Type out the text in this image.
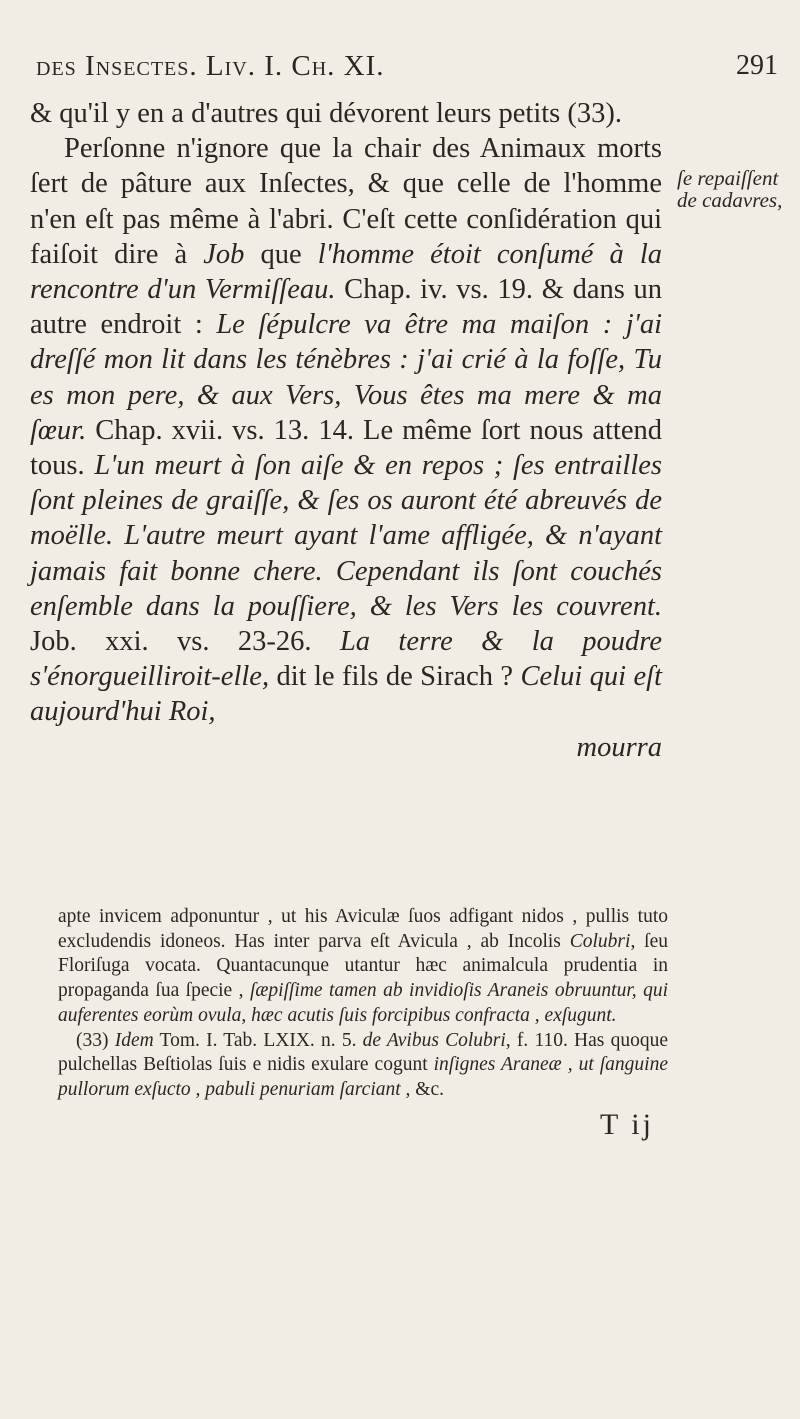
des Insectes. Liv. I. Ch. XI.	291

& qu'il y en a d'autres qui dévorent leurs petits (33).

Perſonne n'ignore que la chair des Animaux morts ſert de pâture aux Inſectes, & que celle de l'homme n'en eſt pas même à l'abri. C'eſt cette conſidération qui faiſoit dire à Job que l'homme étoit conſumé à la rencontre d'un Vermiſſeau. Chap. iv. vs. 19. & dans un autre endroit : Le ſépulcre va être ma maiſon : j'ai dreſſé mon lit dans les ténèbres : j'ai crié à la foſſe, Tu es mon pere, & aux Vers, Vous êtes ma mere & ma ſœur. Chap. xvii. vs. 13. 14. Le même ſort nous attend tous. L'un meurt à ſon aiſe & en repos ; ſes entrailles ſont pleines de graiſſe, & ſes os auront été abreuvés de moëlle. L'autre meurt ayant l'ame affligée, & n'ayant jamais fait bonne chere. Cependant ils ſont couchés enſemble dans la pouſſiere, & les Vers les couvrent. Job. xxi. vs. 23-26. La terre & la poudre s'énorgueilliroit-elle, dit le fils de Sirach ? Celui qui eſt aujourd'hui Roi,

mourra
ſe repaiſſent de cadavres,

apte invicem adponuntur , ut his Aviculæ ſuos adfigant nidos , pullis tuto excludendis idoneos. Has inter parva eſt Avicula , ab Incolis Colubri, ſeu Floriſuga vocata. Quantacunque utantur hæc animalcula prudentia in propaganda ſua ſpecie , ſæpiſſime tamen ab invidioſis Araneis obruuntur, qui auferentes eorùm ovula, hæc acutis ſuis forcipibus confracta , exſugunt.

(33) Idem Tom. I. Tab. LXIX. n. 5. de Avibus Colubri, f. 110. Has quoque pulchellas Beſtiolas ſuis e nidis exulare cogunt inſignes Araneæ , ut ſanguine pullorum exſucto , pabuli penuriam ſarciant , &c.

T ij
